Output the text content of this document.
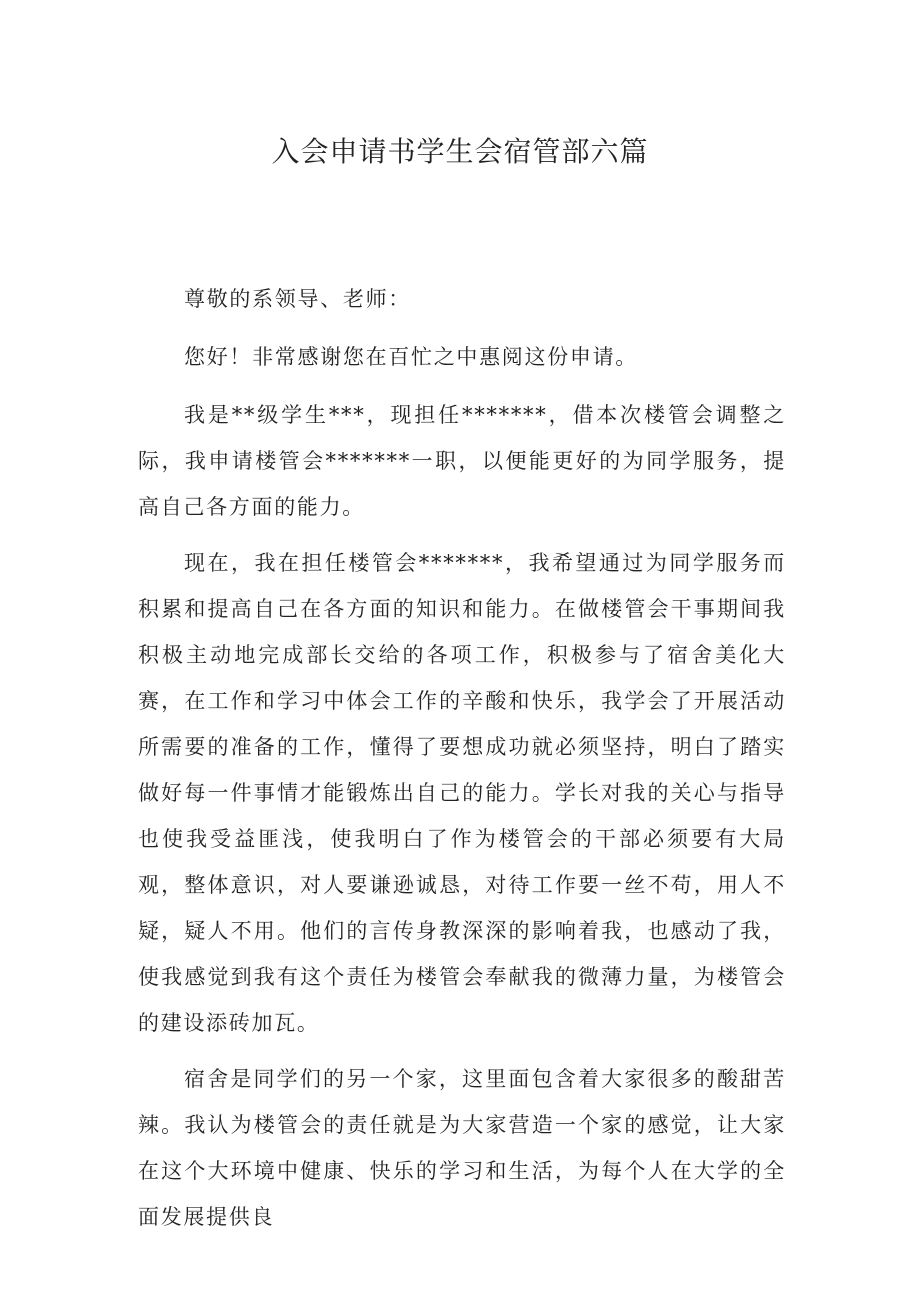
入会申请书学生会宿管部六篇

尊敬的系领导、老师：

您好！非常感谢您在百忙之中惠阅这份申请。

我是**级学生***，现担任*******，借本次楼管会调整之际，我申请楼管会*******一职，以便能更好的为同学服务，提高自己各方面的能力。

现在，我在担任楼管会*******，我希望通过为同学服务而积累和提高自己在各方面的知识和能力。在做楼管会干事期间我积极主动地完成部长交给的各项工作，积极参与了宿舍美化大赛，在工作和学习中体会工作的辛酸和快乐，我学会了开展活动所需要的准备的工作，懂得了要想成功就必须坚持，明白了踏实做好每一件事情才能锻炼出自己的能力。学长对我的关心与指导也使我受益匪浅，使我明白了作为楼管会的干部必须要有大局观，整体意识，对人要谦逊诚恳，对待工作要一丝不苟，用人不疑，疑人不用。他们的言传身教深深的影响着我，也感动了我，使我感觉到我有这个责任为楼管会奉献我的微薄力量，为楼管会的建设添砖加瓦。

宿舍是同学们的另一个家，这里面包含着大家很多的酸甜苦辣。我认为楼管会的责任就是为大家营造一个家的感觉，让大家在这个大环境中健康、快乐的学习和生活，为每个人在大学的全面发展提供良
